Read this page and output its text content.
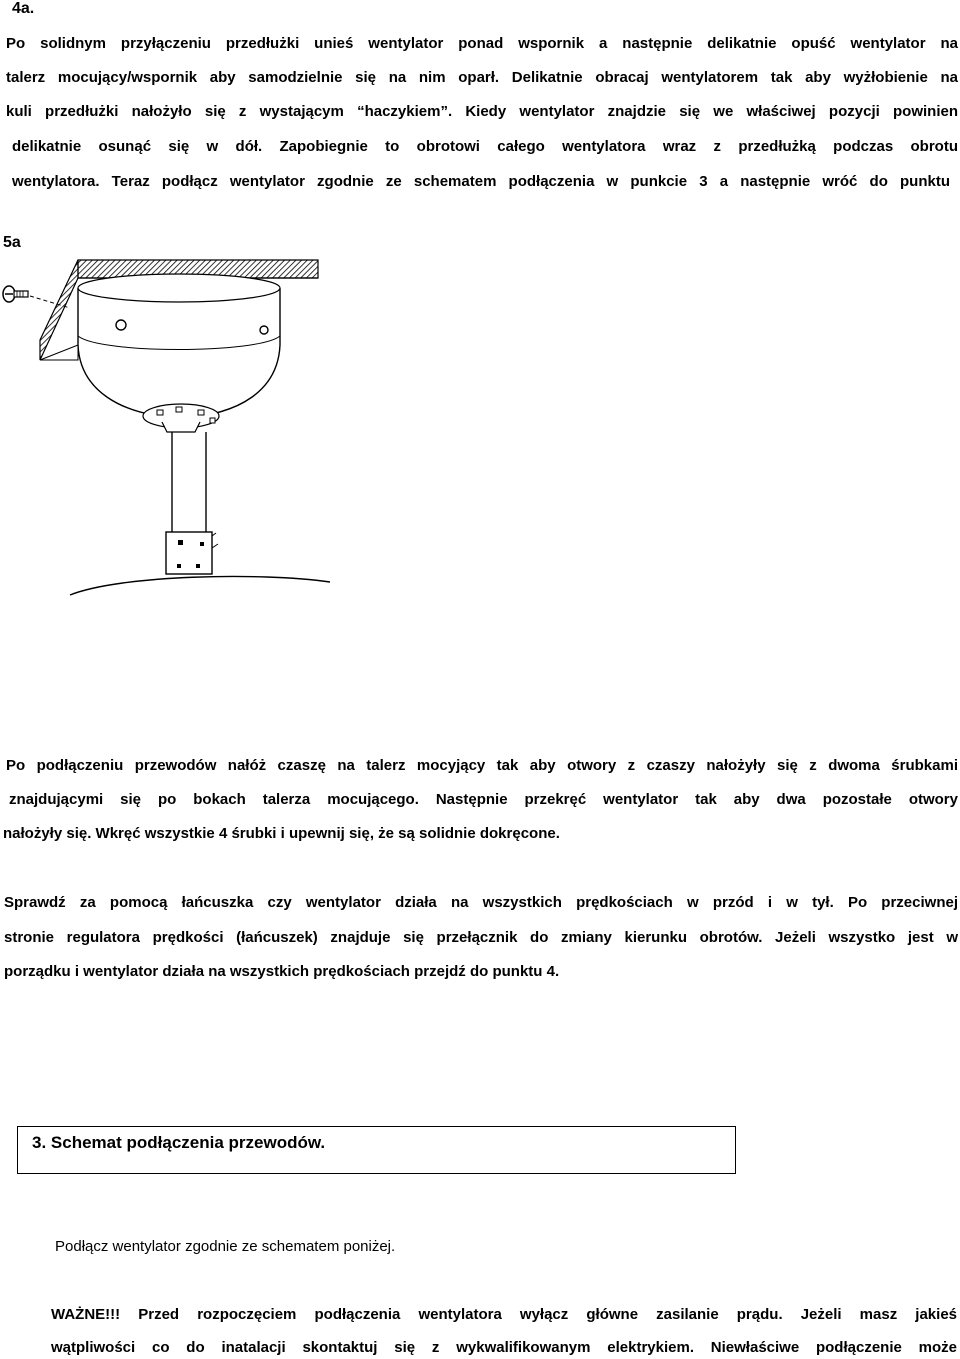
4a.
Po solidnym przyłączeniu przedłużki unieś wentylator ponad wspornik a następnie delikatnie opuść wentylator na
talerz mocujący/wspornik aby samodzielnie się na nim oparł. Delikatnie obracaj wentylatorem tak aby wyżłobienie na
kuli przedłużki nałożyło się z wystającym “haczykiem”. Kiedy wentylator znajdzie się we właściwej pozycji powinien
delikatnie osunąć się w dół. Zapobiegnie to obrotowi całego wentylatora wraz z przedłużką podczas obrotu
wentylatora. Teraz podłącz wentylator zgodnie ze schematem podłączenia w punkcie 3 a następnie wróć do punktu
5a
Po podłączeniu przewodów nałóż czaszę na talerz mocyjący tak aby otwory z czaszy nałożyły się z dwoma śrubkami
znajdującymi się po bokach talerza mocującego. Następnie przekręć wentylator tak aby dwa pozostałe otwory
nałożyły się. Wkręć wszystkie 4 śrubki i upewnij się, że są solidnie dokręcone.
Sprawdź za pomocą łańcuszka czy wentylator działa na wszystkich prędkościach w przód i w tył. Po przeciwnej
stronie regulatora prędkości (łańcuszek) znajduje się przełącznik do zmiany kierunku obrotów. Jeżeli wszystko jest w
porządku i wentylator działa na wszystkich prędkościach przejdź do punktu 4.
3. Schemat podłączenia przewodów.
Podłącz wentylator zgodnie ze schematem poniżej.
WAŻNE!!! Przed rozpoczęciem podłączenia wentylatora wyłącz główne zasilanie prądu. Jeżeli masz jakieś
wątpliwości co do inatalacji skontaktuj się z wykwalifikowanym elektrykiem. Niewłaściwe podłączenie może
